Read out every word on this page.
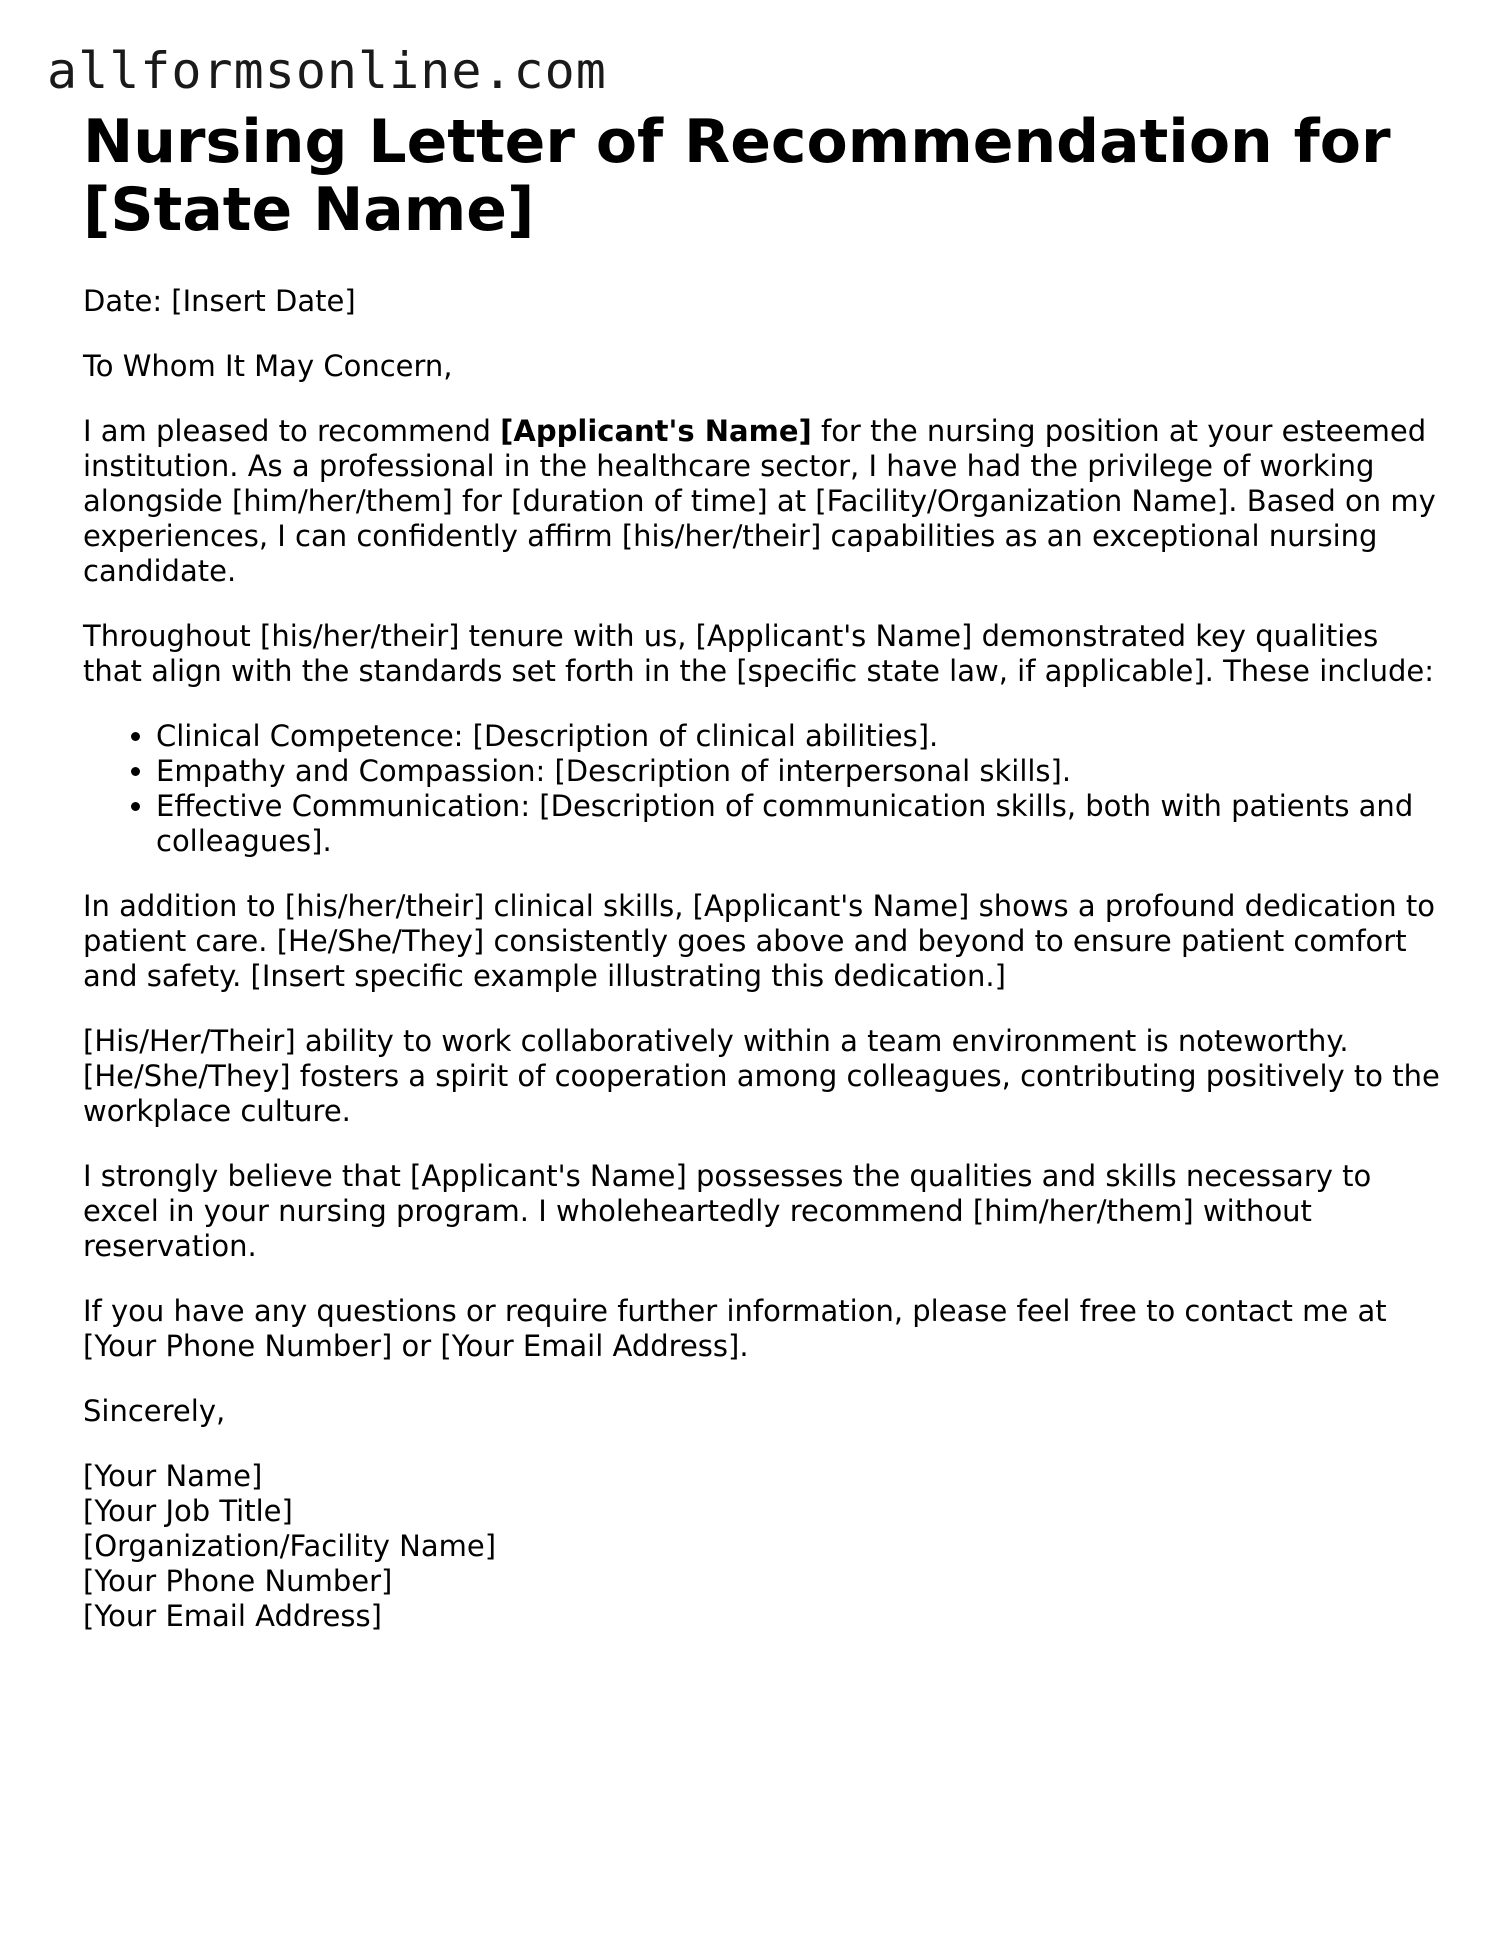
allformsonline.com
Nursing Letter of Recommendation for [State Name]

Date: [Insert Date]

To Whom It May Concern,

I am pleased to recommend [Applicant's Name] for the nursing position at your esteemed institution. As a professional in the healthcare sector, I have had the privilege of working alongside [him/her/them] for [duration of time] at [Facility/Organization Name]. Based on my experiences, I can confidently affirm [his/her/their] capabilities as an exceptional nursing candidate.

Throughout [his/her/their] tenure with us, [Applicant's Name] demonstrated key qualities that align with the standards set forth in the [specific state law, if applicable]. These include:

• Clinical Competence: [Description of clinical abilities].
• Empathy and Compassion: [Description of interpersonal skills].
• Effective Communication: [Description of communication skills, both with patients and colleagues].

In addition to [his/her/their] clinical skills, [Applicant's Name] shows a profound dedication to patient care. [He/She/They] consistently goes above and beyond to ensure patient comfort and safety. [Insert specific example illustrating this dedication.]

[His/Her/Their] ability to work collaboratively within a team environment is noteworthy. [He/She/They] fosters a spirit of cooperation among colleagues, contributing positively to the workplace culture.

I strongly believe that [Applicant's Name] possesses the qualities and skills necessary to excel in your nursing program. I wholeheartedly recommend [him/her/them] without reservation.

If you have any questions or require further information, please feel free to contact me at [Your Phone Number] or [Your Email Address].

Sincerely,

[Your Name]
[Your Job Title]
[Organization/Facility Name]
[Your Phone Number]
[Your Email Address]
